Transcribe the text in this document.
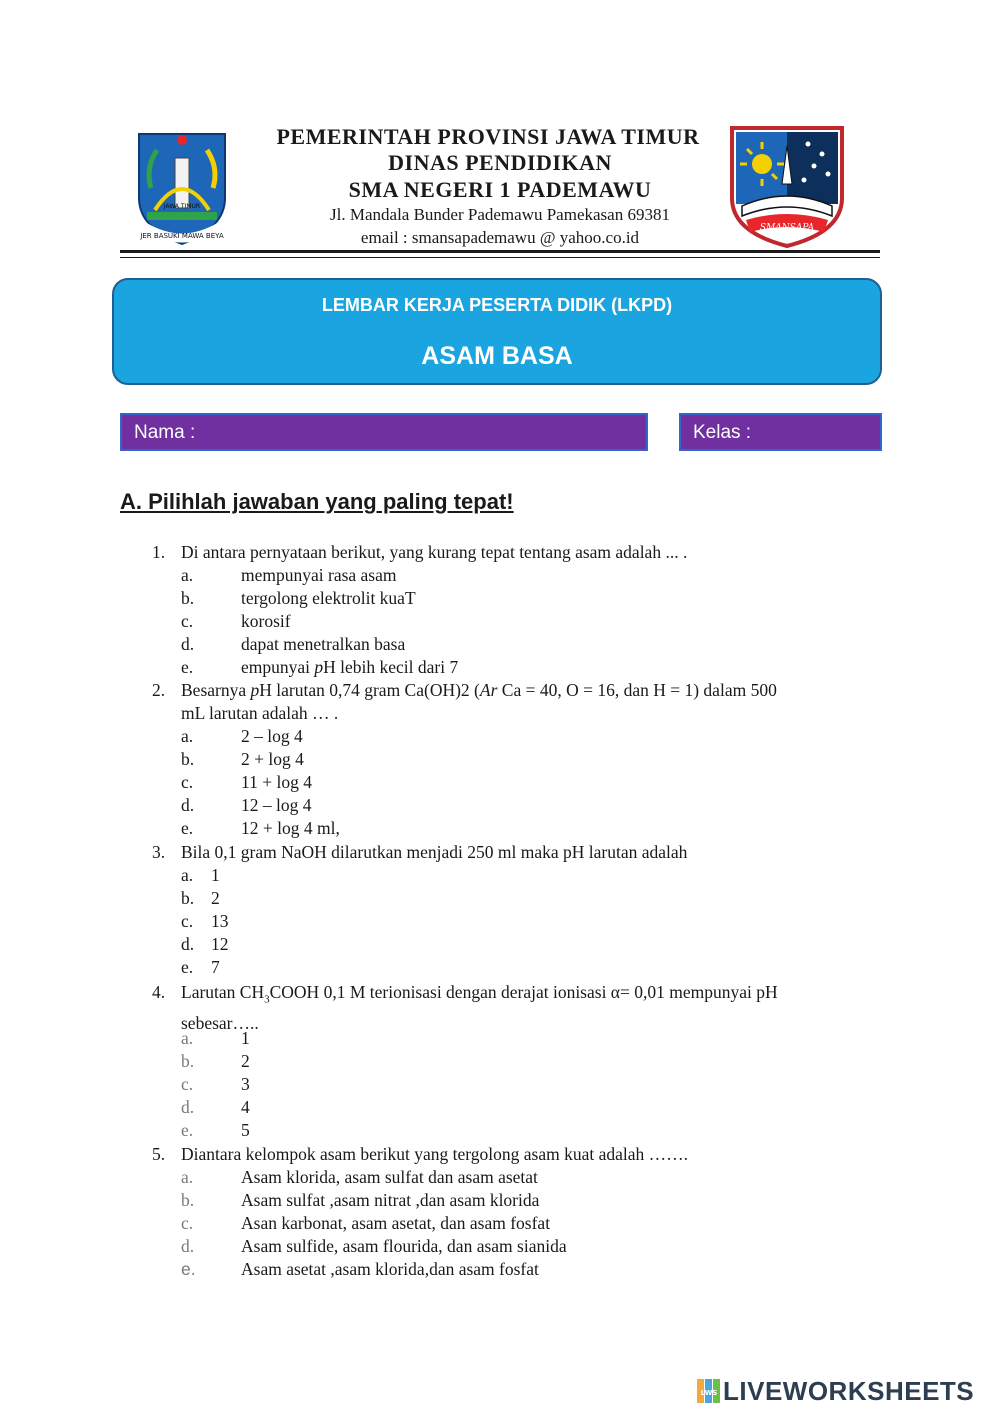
JER BASUKI MAWA BEYA
JAWA TIMUR
PEMERINTAH PROVINSI JAWA TIMUR
DINAS PENDIDIKAN
SMA NEGERI 1 PADEMAWU
Jl. Mandala Bunder Pademawu Pamekasan 69381
email : smansapademawu @ yahoo.co.id	SMANSAPA
LEMBAR KERJA PESERTA DIDIK (LKPD)
ASAM BASA
Nama :	Kelas :
A. Pilihlah jawaban yang paling tepat!
1. Di antara pernyataan berikut, yang kurang tepat tentang asam adalah ... .
a.	mempunyai rasa asam
b.	tergolong elektrolit kuaT
c.	korosif
d.	dapat menetralkan basa
e.	empunyai pH lebih kecil dari 7
2. Besarnya pH larutan 0,74 gram Ca(OH)2 (Ar Ca = 40, O = 16, dan H = 1) dalam 500
mL larutan adalah … .
a.	2 – log 4
b.	2 + log 4
c.	11 + log 4
d.	12 – log 4
e.	12 + log 4 ml,
3. Bila 0,1 gram NaOH dilarutkan menjadi 250 ml maka pH larutan adalah
a. 1
b. 2
c. 13
d. 12
e. 7
4. Larutan $CH_3COOH$ 0,1 M terionisasi dengan derajat ionisasi α= 0,01 mempunyai pH
sebesar…..
a.	1
b.	2
c.	3
d.	4
e.	5
5. Diantara kelompok asam berikut yang tergolong asam kuat adalah …….
a.	Asam klorida, asam sulfat dan asam asetat
b.	Asam sulfat ,asam nitrat ,dan asam klorida
c.	Asan karbonat, asam asetat, dan asam fosfat
d.	Asam sulfide, asam flourida, dan asam sianida
e.	Asam asetat ,asam klorida,dan asam fosfat
LWS LIVEWORKSHEETS
